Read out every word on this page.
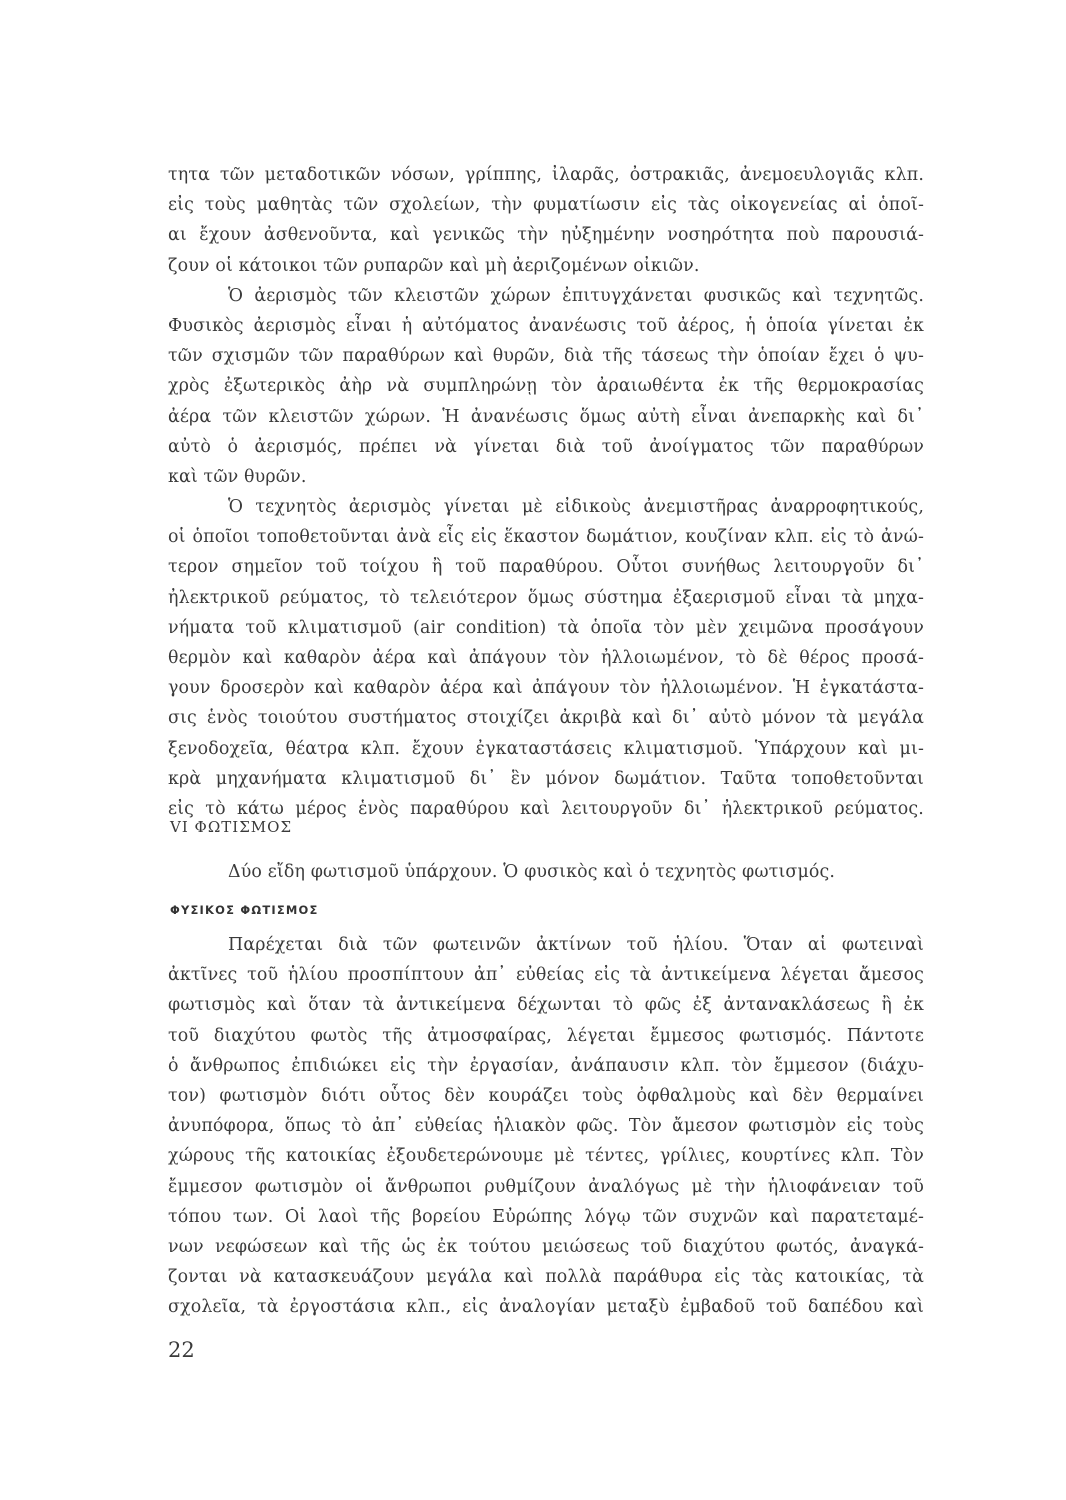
τητα τῶν μεταδοτικῶν νόσων, γρίππης, ἰλαρᾶς, ὀστρακιᾶς, ἀνεμοευλογιᾶς κλπ.
εἰς τοὺς μαθητὰς τῶν σχολείων, τὴν φυματίωσιν εἰς τὰς οἰκογενείας αἱ ὁποῖ-
αι ἔχουν ἀσθενοῦντα, καὶ γενικῶς τὴν ηὐξημένην νοσηρότητα ποὺ παρουσιά-
ζουν οἱ κάτοικοι τῶν ρυπαρῶν καὶ μὴ ἀεριζομένων οἰκιῶν.
Ὁ ἀερισμὸς τῶν κλειστῶν χώρων ἐπιτυγχάνεται φυσικῶς καὶ τεχνητῶς.
Φυσικὸς ἀερισμὸς εἶναι ἡ αὐτόματος ἀνανέωσις τοῦ ἀέρος, ἡ ὁποία γίνεται ἐκ
τῶν σχισμῶν τῶν παραθύρων καὶ θυρῶν, διὰ τῆς τάσεως τὴν ὁποίαν ἔχει ὁ ψυ-
χρὸς ἐξωτερικὸς ἀὴρ νὰ συμπληρώνῃ τὸν ἀραιωθέντα ἐκ τῆς θερμοκρασίας
ἀέρα τῶν κλειστῶν χώρων. Ἡ ἀνανέωσις ὅμως αὐτὴ εἶναι ἀνεπαρκὴς καὶ δι᾿
αὐτὸ ὁ ἀερισμός, πρέπει νὰ γίνεται διὰ τοῦ ἀνοίγματος τῶν παραθύρων
καὶ τῶν θυρῶν.
Ὁ τεχνητὸς ἀερισμὸς γίνεται μὲ εἰδικοὺς ἀνεμιστῆρας ἀναρροφητικούς,
οἱ ὁποῖοι τοποθετοῦνται ἀνὰ εἷς εἰς ἕκαστον δωμάτιον, κουζίναν κλπ. εἰς τὸ ἀνώ-
τερον σημεῖον τοῦ τοίχου ἢ τοῦ παραθύρου. Οὗτοι συνήθως λειτουργοῦν δι᾿
ἠλεκτρικοῦ ρεύματος, τὸ τελειότερον ὅμως σύστημα ἐξαερισμοῦ εἶναι τὰ μηχα-
νήματα τοῦ κλιματισμοῦ (air condition) τὰ ὁποῖα τὸν μὲν χειμῶνα προσάγουν
θερμὸν καὶ καθαρὸν ἀέρα καὶ ἀπάγουν τὸν ἠλλοιωμένον, τὸ δὲ θέρος προσά-
γουν δροσερὸν καὶ καθαρὸν ἀέρα καὶ ἀπάγουν τὸν ἠλλοιωμένον. Ἡ ἐγκατάστα-
σις ἑνὸς τοιούτου συστήματος στοιχίζει ἀκριβὰ καὶ δι᾿ αὐτὸ μόνον τὰ μεγάλα
ξενοδοχεῖα, θέατρα κλπ. ἔχουν ἐγκαταστάσεις κλιματισμοῦ. Ὑπάρχουν καὶ μι-
κρὰ μηχανήματα κλιματισμοῦ δι᾿ ἓν μόνον δωμάτιον. Ταῦτα τοποθετοῦνται
εἰς τὸ κάτω μέρος ἑνὸς παραθύρου καὶ λειτουργοῦν δι᾿ ἠλεκτρικοῦ ρεύματος.
VI ΦΩΤΙΣΜΟΣ
Δύο εἴδη φωτισμοῦ ὑπάρχουν. Ὁ φυσικὸς καὶ ὁ τεχνητὸς φωτισμός.
ΦΥΣΙΚΟΣ ΦΩΤΙΣΜΟΣ
Παρέχεται διὰ τῶν φωτεινῶν ἀκτίνων τοῦ ἡλίου. Ὅταν αἱ φωτειναὶ
ἀκτῖνες τοῦ ἡλίου προσπίπτουν ἀπ᾿ εὐθείας εἰς τὰ ἀντικείμενα λέγεται ἄμεσος
φωτισμὸς καὶ ὅταν τὰ ἀντικείμενα δέχωνται τὸ φῶς ἐξ ἀντανακλάσεως ἢ ἐκ
τοῦ διαχύτου φωτὸς τῆς ἀτμοσφαίρας, λέγεται ἔμμεσος φωτισμός. Πάντοτε
ὁ ἄνθρωπος ἐπιδιώκει εἰς τὴν ἐργασίαν, ἀνάπαυσιν κλπ. τὸν ἔμμεσον (διάχυ-
τον) φωτισμὸν διότι οὗτος δὲν κουράζει τοὺς ὀφθαλμοὺς καὶ δὲν θερμαίνει
ἀνυπόφορα, ὅπως τὸ ἀπ᾿ εὐθείας ἡλιακὸν φῶς. Τὸν ἄμεσον φωτισμὸν εἰς τοὺς
χώρους τῆς κατοικίας ἐξουδετερώνουμε μὲ τέντες, γρίλιες, κουρτίνες κλπ. Τὸν
ἔμμεσον φωτισμὸν οἱ ἄνθρωποι ρυθμίζουν ἀναλόγως μὲ τὴν ἡλιοφάνειαν τοῦ
τόπου των. Οἱ λαοὶ τῆς βορείου Εὐρώπης λόγῳ τῶν συχνῶν καὶ παρατεταμέ-
νων νεφώσεων καὶ τῆς ὡς ἐκ τούτου μειώσεως τοῦ διαχύτου φωτός, ἀναγκά-
ζονται νὰ κατασκευάζουν μεγάλα καὶ πολλὰ παράθυρα εἰς τὰς κατοικίας, τὰ
σχολεῖα, τὰ ἐργοστάσια κλπ., εἰς ἀναλογίαν μεταξὺ ἐμβαδοῦ τοῦ δαπέδου καὶ
22
